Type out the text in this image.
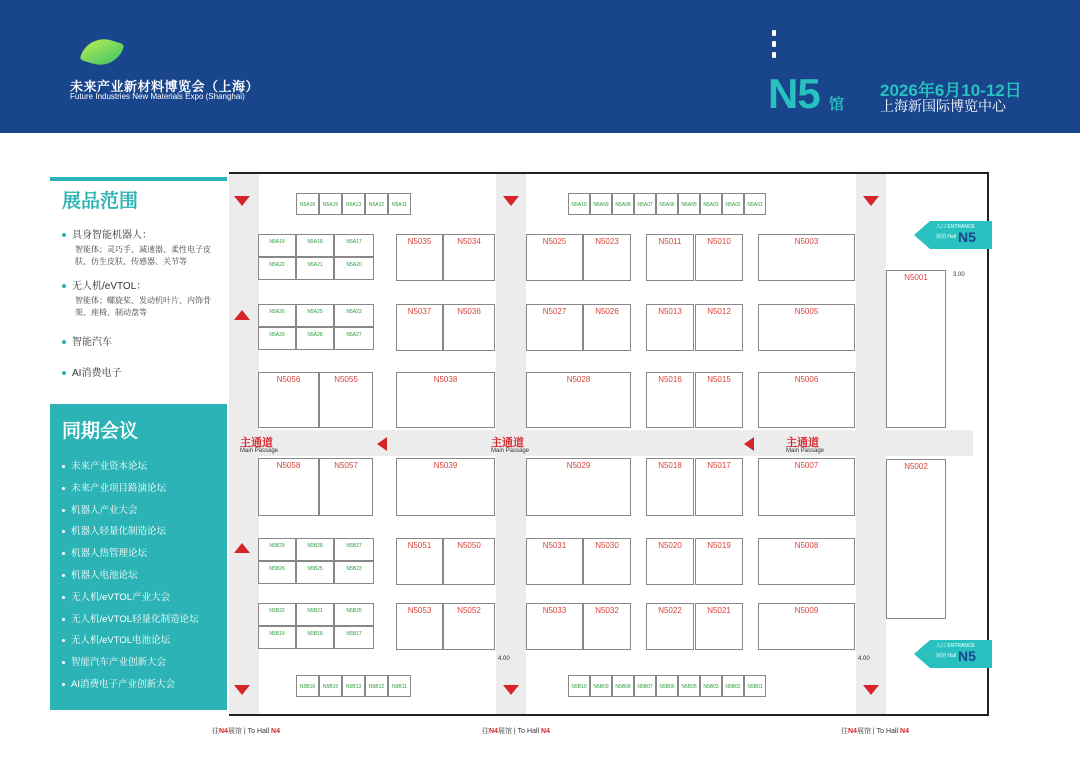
未来产业新材料博览会（上海）
Future Industries New Materials Expo (Shanghai)	N5 馆
2026年6月10-12日
上海新国际博览中心
展品范围
具身智能机器人：
智能体；灵巧手、减速器、柔性电子皮肤、仿生皮肤、传感器、关节等
无人机/eVTOL：
智能体；螺旋桨、发动机叶片、内饰骨架、座椅、制动盘等
智能汽车
AI消费电子
同期会议
未来产业资本论坛
未来产业项目路演论坛
机器人产业大会
机器人轻量化制造论坛
机器人热管理论坛
机器人电池论坛
无人机/eVTOL产业大会
无人机/eVTOL轻量化制造论坛
无人机/eVTOL电池论坛
智能汽车产业创新大会
AI消费电子产业创新大会
主通道
Main Passage
主通道
Main Passage
主通道
Main Passage
4.00	4.00
3.00
入口 ENTRANCE
展馆 Hall N5
入口 ENTRANCE
展馆 Hall N5
往N4展馆 | To Hall N4	往N4展馆 | To Hall N4	往N4展馆 | To Hall N4
N5A16	N5A15	N5A13	N5A12	N5A11	N5A10	N5A09	N5A08	N5A07	N5A06	N5A05	N5A03	N5A02	N5A01
N5B16	N5B15	N5B13	N5B12	N5B11	N5B10	N5B09	N5B08	N5B07	N5B06	N5B05	N5B03	N5B02	N5B01
N5A19	N5A18	N5A17
N5A22	N5A21	N5A20
N5A26	N5A25	N5A23
N5A29	N5A28	N5A27
N5B29	N5B28	N5B27
N5B26	N5B25	N5B23
N5B22	N5B21	N5B20
N5B19	N5B18	N5B17
N5035	N5034	N5025	N5023	N5011	N5010	N5003
N5037	N5036	N5027	N5026	N5013	N5012	N5005
N5056	N5055	N5038	N5028	N5016	N5015	N5006
N5058	N5057	N5039	N5029	N5018	N5017	N5007
N5051	N5050	N5031	N5030	N5020	N5019	N5008
N5053	N5052	N5033	N5032	N5022	N5021	N5009
N5001
N5002
